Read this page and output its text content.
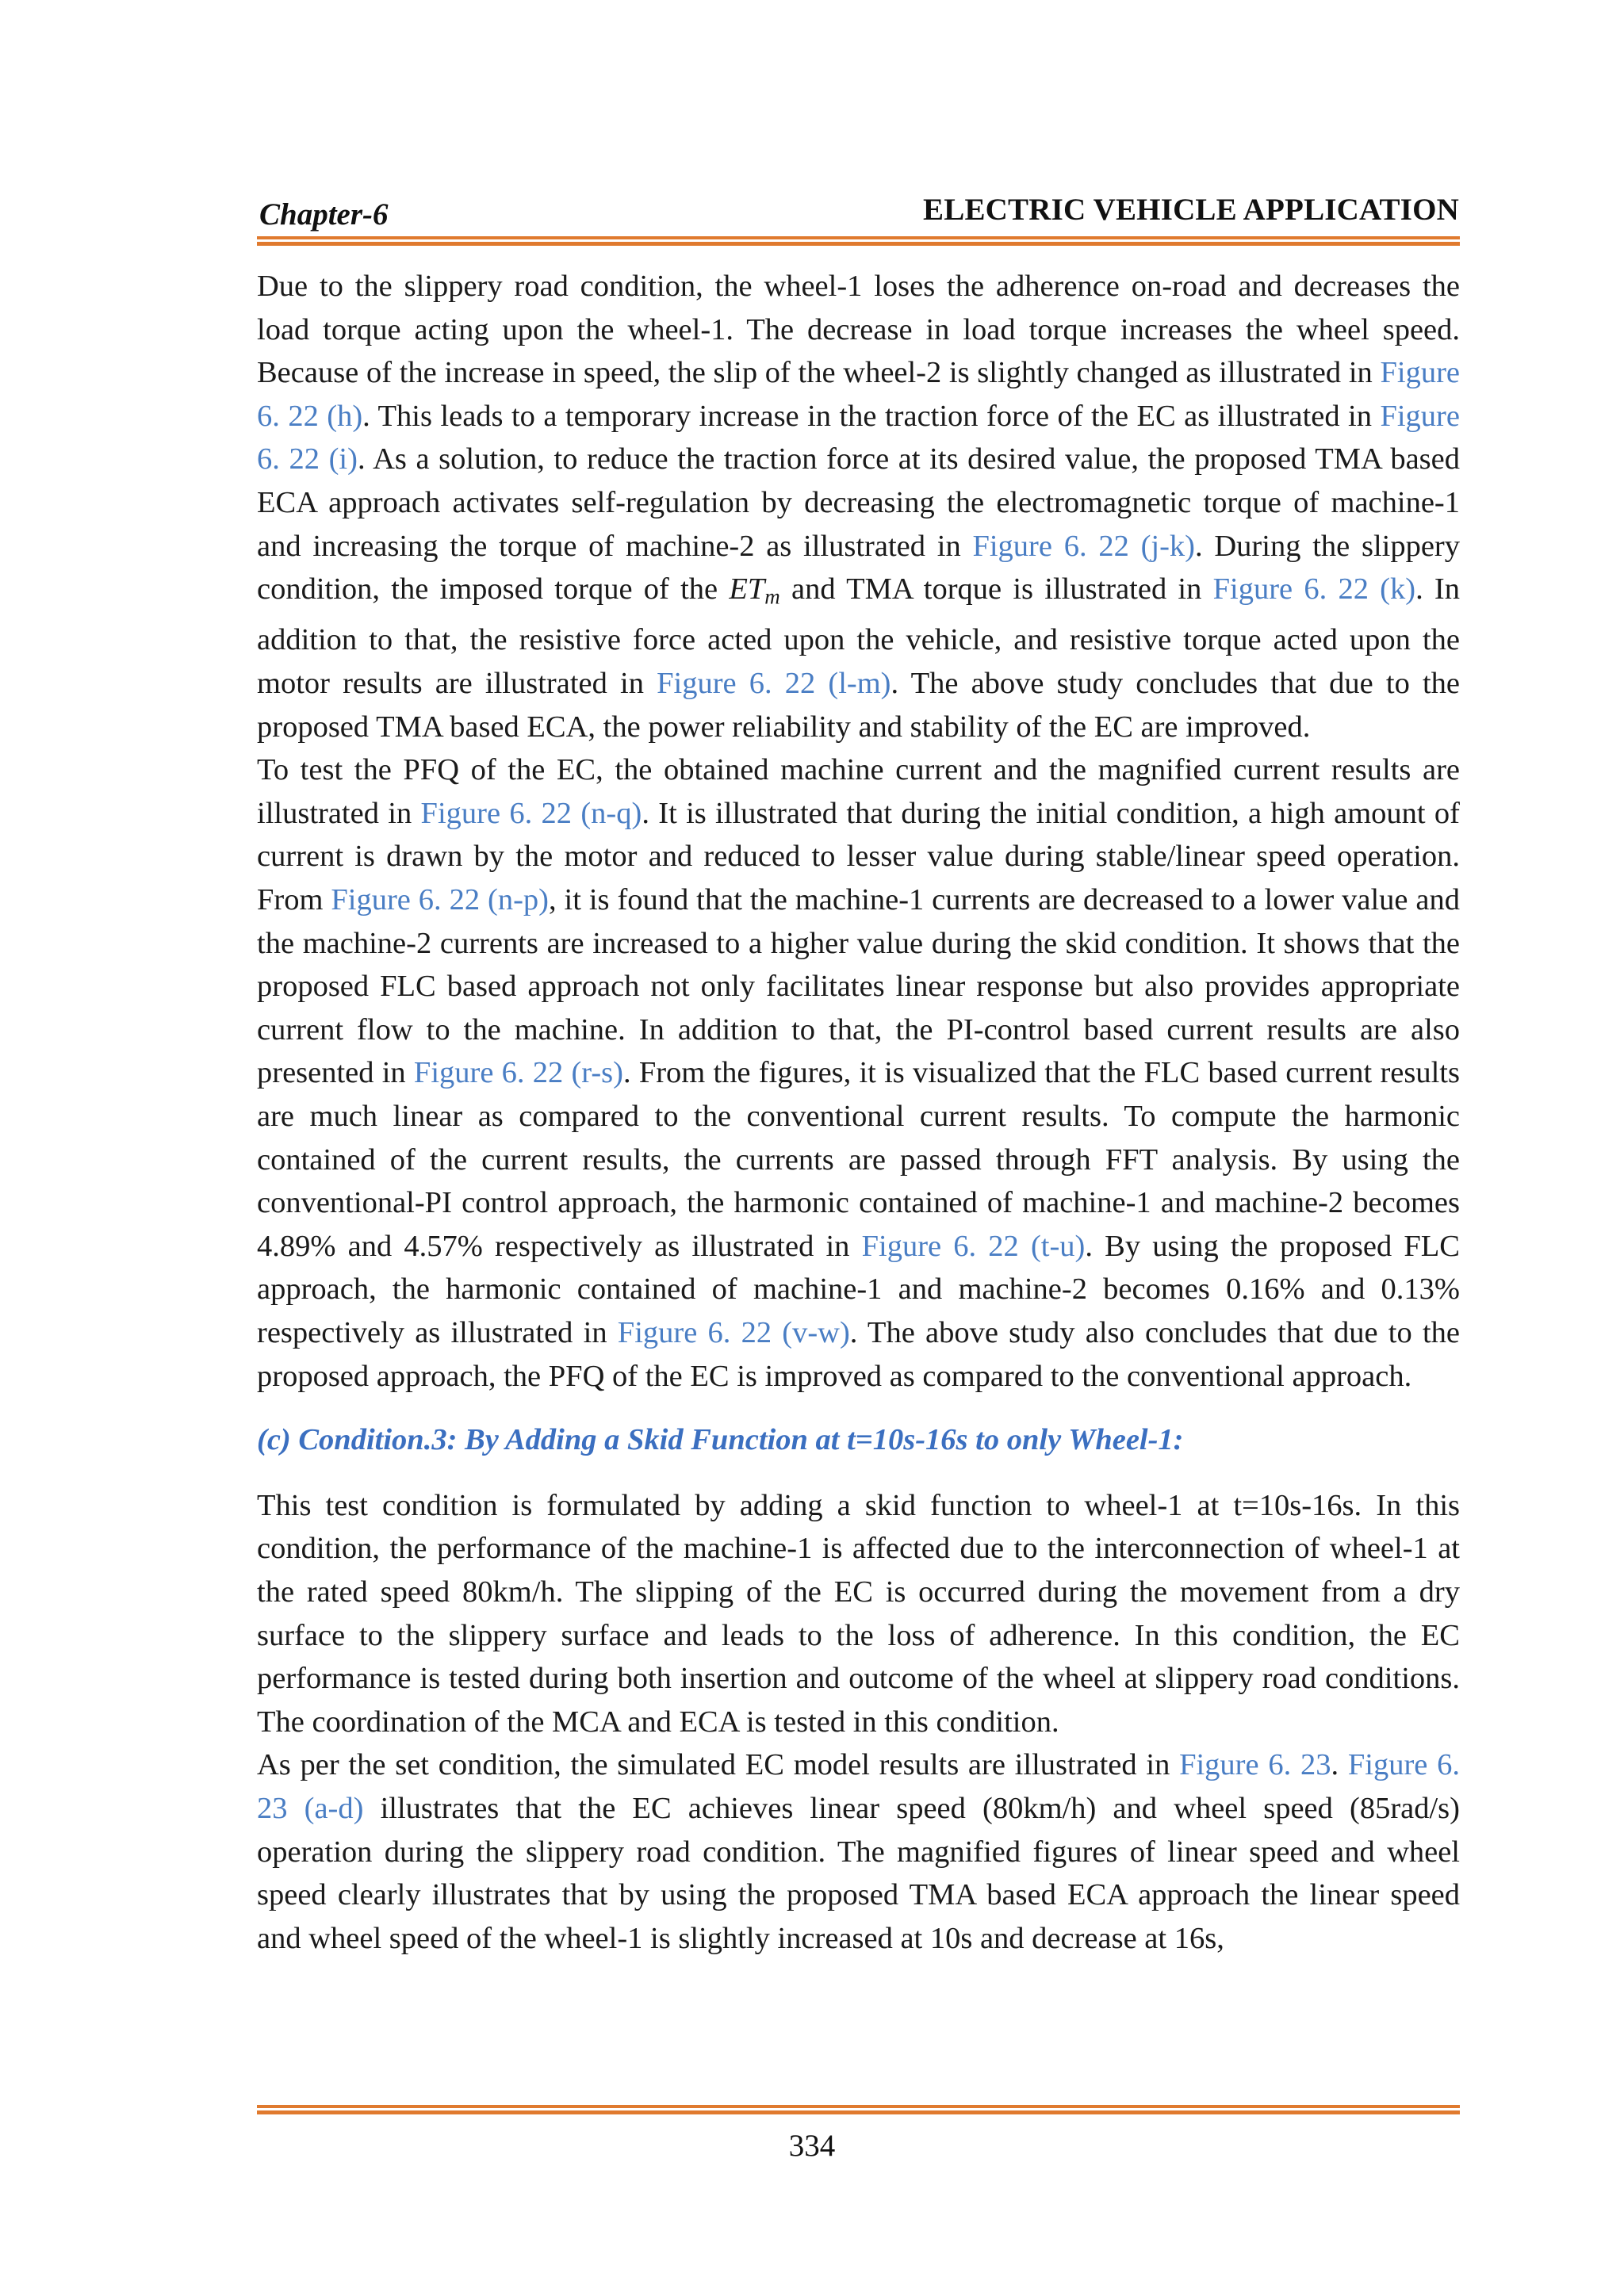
Chapter-6	ELECTRIC VEHICLE APPLICATION

Due to the slippery road condition, the wheel-1 loses the adherence on-road and decreases the load torque acting upon the wheel-1. The decrease in load torque increases the wheel speed. Because of the increase in speed, the slip of the wheel-2 is slightly changed as illustrated in Figure 6. 22 (h). This leads to a temporary increase in the traction force of the EC as illustrated in Figure 6. 22 (i). As a solution, to reduce the traction force at its desired value, the proposed TMA based ECA approach activates self-regulation by decreasing the electromagnetic torque of machine-1 and increasing the torque of machine-2 as illustrated in Figure 6. 22 (j-k). During the slippery condition, the imposed torque of the $ET_m$ and TMA torque is illustrated in Figure 6. 22 (k). In addition to that, the resistive force acted upon the vehicle, and resistive torque acted upon the motor results are illustrated in Figure 6. 22 (l-m). The above study concludes that due to the proposed TMA based ECA, the power reliability and stability of the EC are improved.

To test the PFQ of the EC, the obtained machine current and the magnified current results are illustrated in Figure 6. 22 (n-q). It is illustrated that during the initial condition, a high amount of current is drawn by the motor and reduced to lesser value during stable/linear speed operation. From Figure 6. 22 (n-p), it is found that the machine-1 currents are decreased to a lower value and the machine-2 currents are increased to a higher value during the skid condition. It shows that the proposed FLC based approach not only facilitates linear response but also provides appropriate current flow to the machine. In addition to that, the PI-control based current results are also presented in Figure 6. 22 (r-s). From the figures, it is visualized that the FLC based current results are much linear as compared to the conventional current results. To compute the harmonic contained of the current results, the currents are passed through FFT analysis. By using the conventional-PI control approach, the harmonic contained of machine-1 and machine-2 becomes 4.89% and 4.57% respectively as illustrated in Figure 6. 22 (t-u). By using the proposed FLC approach, the harmonic contained of machine-1 and machine-2 becomes 0.16% and 0.13% respectively as illustrated in Figure 6. 22 (v-w). The above study also concludes that due to the proposed approach, the PFQ of the EC is improved as compared to the conventional approach.

(c) Condition.3: By Adding a Skid Function at t=10s-16s to only Wheel-1:

This test condition is formulated by adding a skid function to wheel-1 at t=10s-16s. In this condition, the performance of the machine-1 is affected due to the interconnection of wheel-1 at the rated speed 80km/h. The slipping of the EC is occurred during the movement from a dry surface to the slippery surface and leads to the loss of adherence. In this condition, the EC performance is tested during both insertion and outcome of the wheel at slippery road conditions. The coordination of the MCA and ECA is tested in this condition.

As per the set condition, the simulated EC model results are illustrated in Figure 6. 23. Figure 6. 23 (a-d) illustrates that the EC achieves linear speed (80km/h) and wheel speed (85rad/s) operation during the slippery road condition. The magnified figures of linear speed and wheel speed clearly illustrates that by using the proposed TMA based ECA approach the linear speed and wheel speed of the wheel-1 is slightly increased at 10s and decrease at 16s,

334
